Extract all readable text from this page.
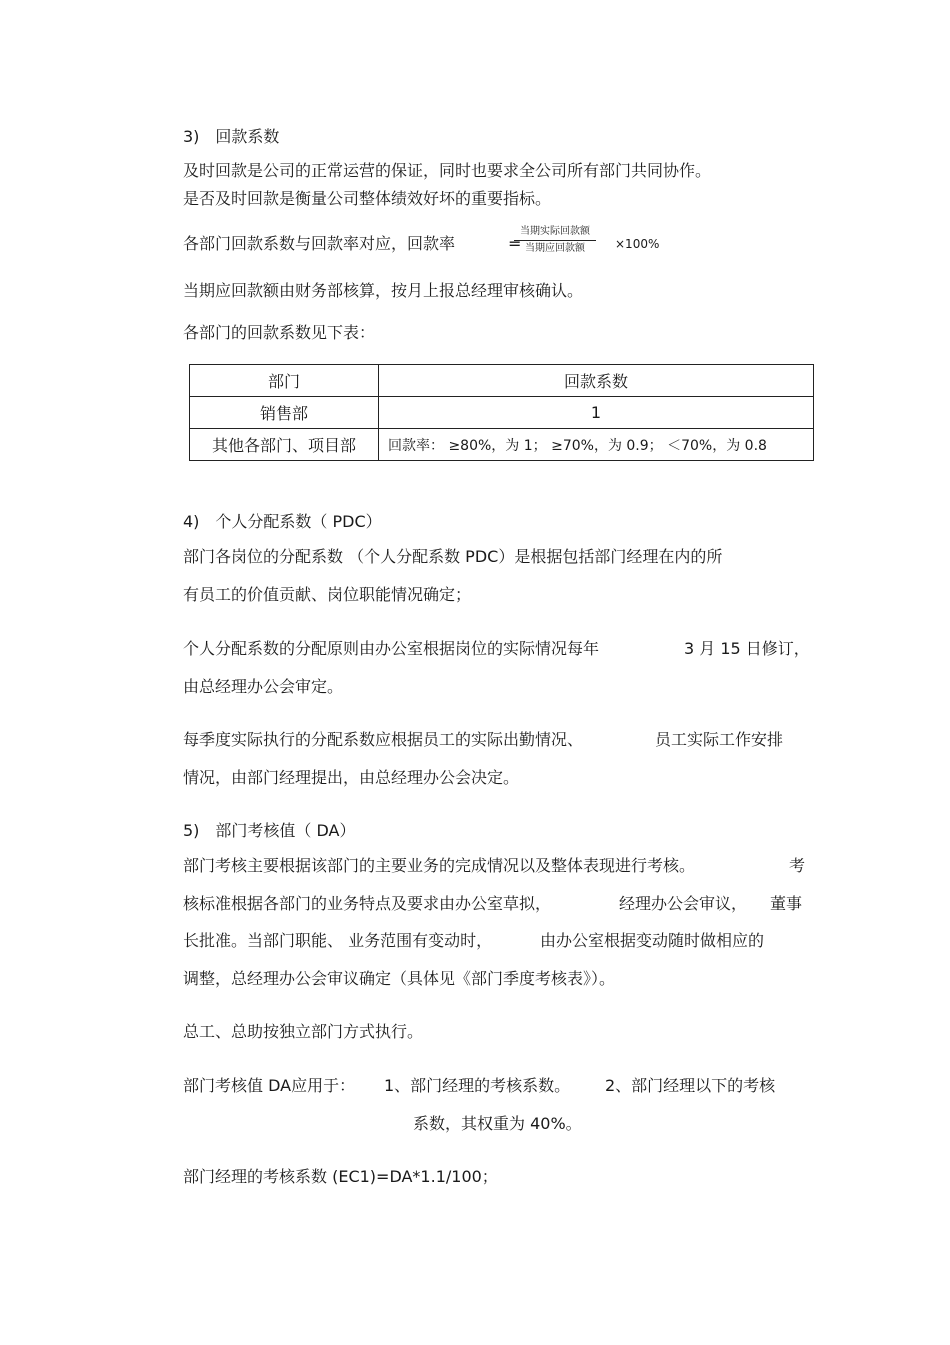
3)　回款系数
及时回款是公司的正常运营的保证，同时也要求全公司所有部门共同协作。
是否及时回款是衡量公司整体绩效好坏的重要指标。
各部门回款系数与回款率对应，回款率	=
当期实际回款额
当期应回款额	×100%
当期应回款额由财务部核算，按月上报总经理审核确认。
各部门的回款系数见下表：
部门	回款系数
销售部	1
其他各部门、项目部	回款率： ≥80%，为 1； ≥70%，为 0.9； ＜70%，为 0.8
4)　个人分配系数（ PDC）
部门各岗位的分配系数 （个人分配系数 PDC）是根据包括部门经理在内的所
有员工的价值贡献、岗位职能情况确定；
个人分配系数的分配原则由办公室根据岗位的实际情况每年	3 月 15 日修订，
由总经理办公会审定。
每季度实际执行的分配系数应根据员工的实际出勤情况、	员工实际工作安排
情况，由部门经理提出，由总经理办公会决定。
5)　部门考核值（ DA）
部门考核主要根据该部门的主要业务的完成情况以及整体表现进行考核。	考
核标准根据各部门的业务特点及要求由办公室草拟，	经理办公会审议， 董事
长批准。当部门职能、 业务范围有变动时，	由办公室根据变动随时做相应的
调整，总经理办公会审议确定（具体见《部门季度考核表》）。
总工、总助按独立部门方式执行。
部门考核值 DA应用于： 1、部门经理的考核系数。 2、部门经理以下的考核
系数，其权重为 40%。
部门经理的考核系数 (EC1)=DA*1.1/100；
